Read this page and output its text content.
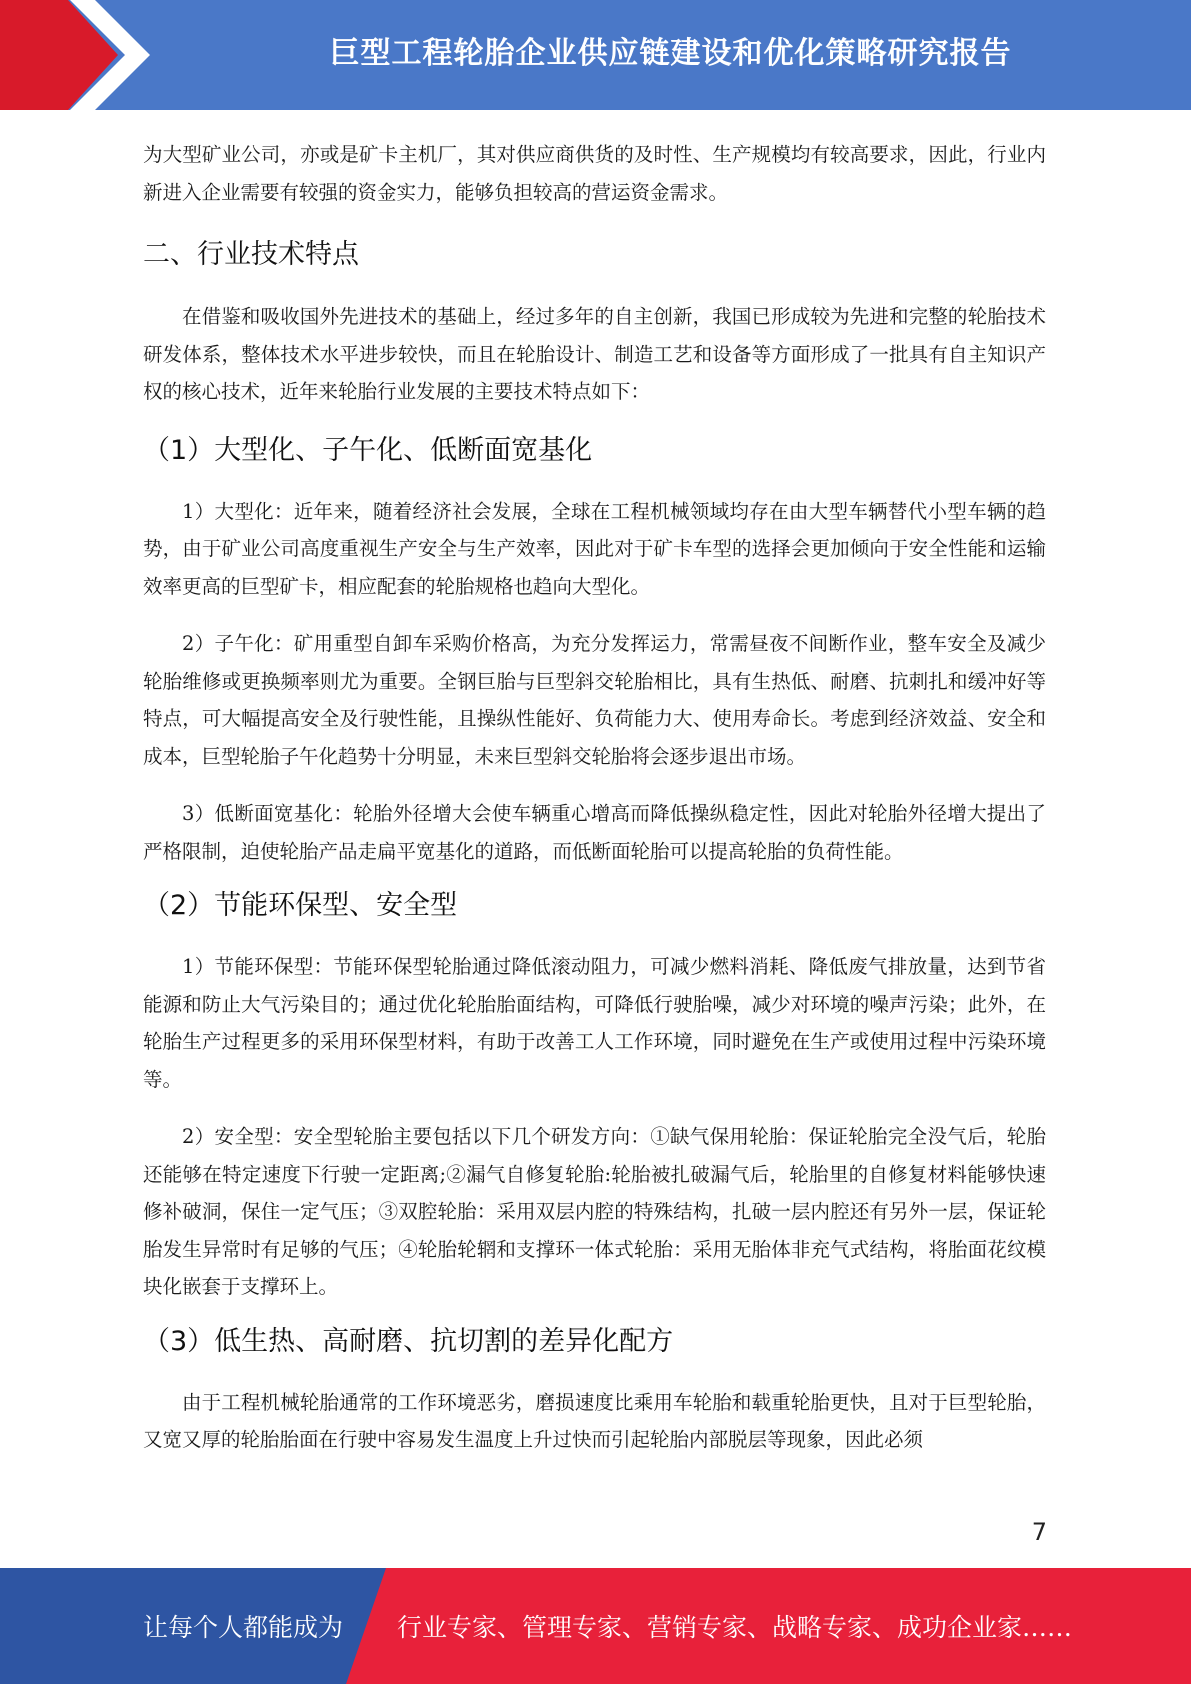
巨型工程轮胎企业供应链建设和优化策略研究报告

为大型矿业公司，亦或是矿卡主机厂，其对供应商供货的及时性、生产规模均有较高要求，因此，行业内新进入企业需要有较强的资金实力，能够负担较高的营运资金需求。

二、行业技术特点

在借鉴和吸收国外先进技术的基础上，经过多年的自主创新，我国已形成较为先进和完整的轮胎技术研发体系，整体技术水平进步较快，而且在轮胎设计、制造工艺和设备等方面形成了一批具有自主知识产权的核心技术，近年来轮胎行业发展的主要技术特点如下：

（1）大型化、子午化、低断面宽基化

1）大型化：近年来，随着经济社会发展，全球在工程机械领域均存在由大型车辆替代小型车辆的趋势，由于矿业公司高度重视生产安全与生产效率，因此对于矿卡车型的选择会更加倾向于安全性能和运输效率更高的巨型矿卡，相应配套的轮胎规格也趋向大型化。

2）子午化：矿用重型自卸车采购价格高，为充分发挥运力，常需昼夜不间断作业，整车安全及减少轮胎维修或更换频率则尤为重要。全钢巨胎与巨型斜交轮胎相比，具有生热低、耐磨、抗刺扎和缓冲好等特点，可大幅提高安全及行驶性能，且操纵性能好、负荷能力大、使用寿命长。考虑到经济效益、安全和成本，巨型轮胎子午化趋势十分明显，未来巨型斜交轮胎将会逐步退出市场。

3）低断面宽基化：轮胎外径增大会使车辆重心增高而降低操纵稳定性，因此对轮胎外径增大提出了严格限制，迫使轮胎产品走扁平宽基化的道路，而低断面轮胎可以提高轮胎的负荷性能。

（2）节能环保型、安全型

1）节能环保型：节能环保型轮胎通过降低滚动阻力，可减少燃料消耗、降低废气排放量，达到节省能源和防止大气污染目的；通过优化轮胎胎面结构，可降低行驶胎噪，减少对环境的噪声污染；此外，在轮胎生产过程更多的采用环保型材料，有助于改善工人工作环境，同时避免在生产或使用过程中污染环境等。

2）安全型：安全型轮胎主要包括以下几个研发方向：①缺气保用轮胎：保证轮胎完全没气后，轮胎还能够在特定速度下行驶一定距离;②漏气自修复轮胎:轮胎被扎破漏气后，轮胎里的自修复材料能够快速修补破洞，保住一定气压；③双腔轮胎：采用双层内腔的特殊结构，扎破一层内腔还有另外一层，保证轮胎发生异常时有足够的气压；④轮胎轮辋和支撑环一体式轮胎：采用无胎体非充气式结构，将胎面花纹模块化嵌套于支撑环上。

（3）低生热、高耐磨、抗切割的差异化配方

由于工程机械轮胎通常的工作环境恶劣，磨损速度比乘用车轮胎和载重轮胎更快，且对于巨型轮胎，又宽又厚的轮胎胎面在行驶中容易发生温度上升过快而引起轮胎内部脱层等现象，因此必须

7
让每个人都能成为 行业专家、管理专家、营销专家、战略专家、成功企业家……
